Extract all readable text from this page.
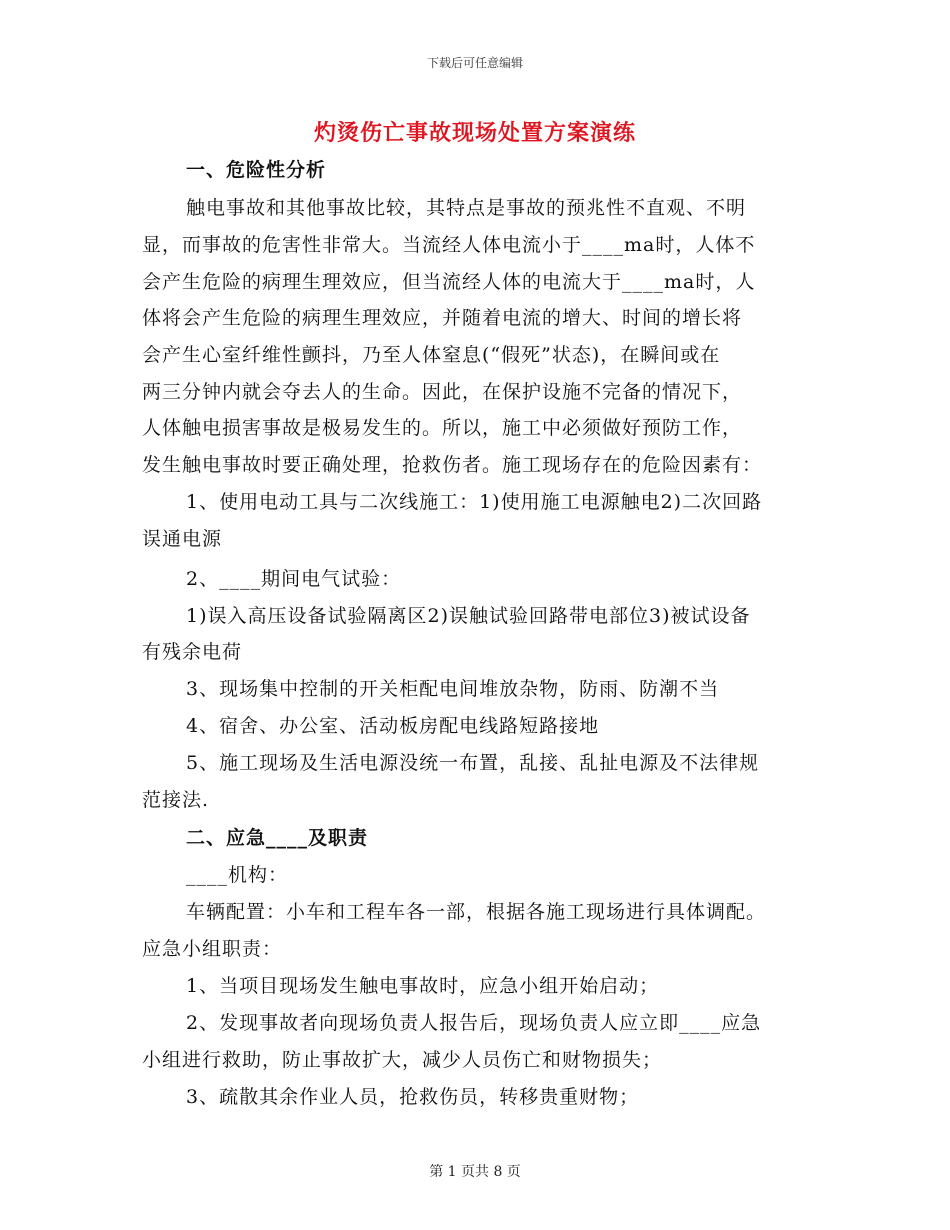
下载后可任意编辑
灼烫伤亡事故现场处置方案演练
一、危险性分析
触电事故和其他事故比较，其特点是事故的预兆性不直观、不明
显，而事故的危害性非常大。当流经人体电流小于____ma时，人体不
会产生危险的病理生理效应，但当流经人体的电流大于____ma时，人
体将会产生危险的病理生理效应，并随着电流的增大、时间的增长将
会产生心室纤维性颤抖，乃至人体窒息(“假死”状态)，在瞬间或在
两三分钟内就会夺去人的生命。因此，在保护设施不完备的情况下，
人体触电损害事故是极易发生的。所以，施工中必须做好预防工作，
发生触电事故时要正确处理，抢救伤者。施工现场存在的危险因素有：
1、使用电动工具与二次线施工：1)使用施工电源触电2)二次回路
误通电源
2、____期间电气试验：
1)误入高压设备试验隔离区2)误触试验回路带电部位3)被试设备
有残余电荷
3、现场集中控制的开关柜配电间堆放杂物，防雨、防潮不当
4、宿舍、办公室、活动板房配电线路短路接地
5、施工现场及生活电源没统一布置，乱接、乱扯电源及不法律规
范接法.
二、应急____及职责
____机构：
车辆配置：小车和工程车各一部，根据各施工现场进行具体调配。
应急小组职责：
1、当项目现场发生触电事故时，应急小组开始启动；
2、发现事故者向现场负责人报告后，现场负责人应立即____应急
小组进行救助，防止事故扩大，减少人员伤亡和财物损失；
3、疏散其余作业人员，抢救伤员，转移贵重财物；
第 1 页共 8 页
